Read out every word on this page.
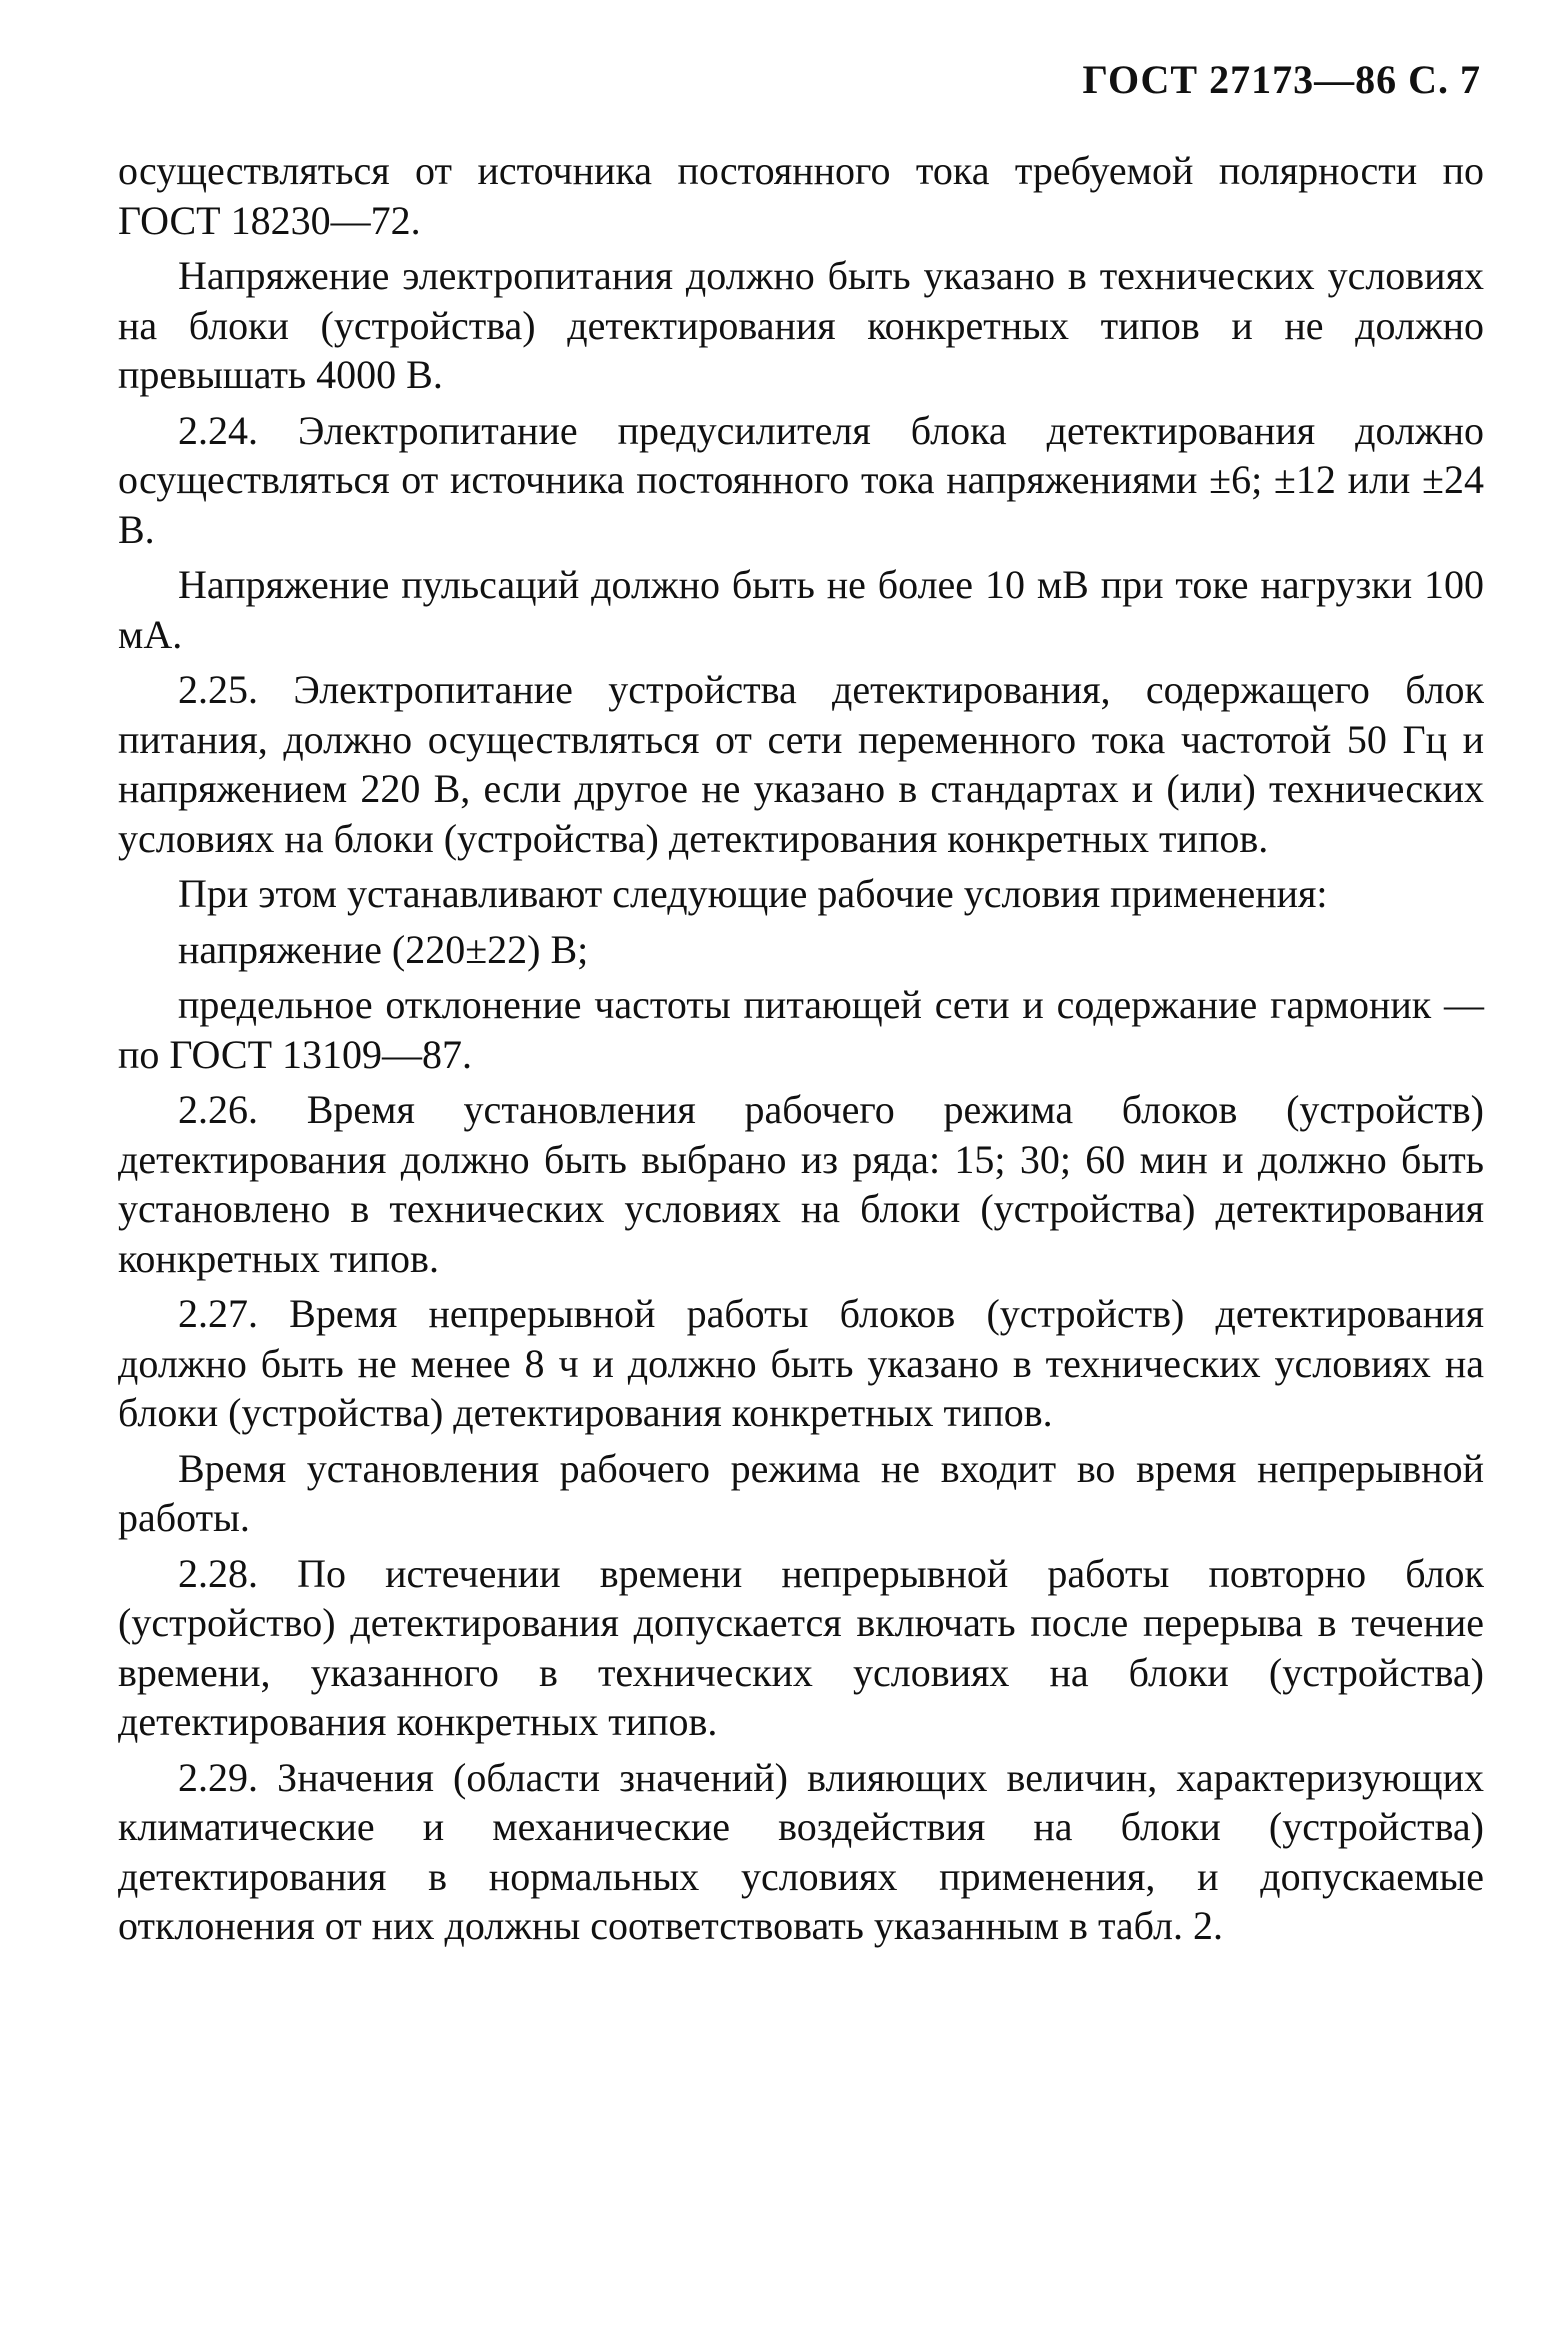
ГОСТ 27173—86 С. 7

осуществляться от источника постоянного тока требуемой полярности по ГОСТ 18230—72.

Напряжение электропитания должно быть указано в технических условиях на блоки (устройства) детектирования конкретных типов и не должно превышать 4000 В.

2.24. Электропитание предусилителя блока детектирования должно осуществляться от источника постоянного тока напряжениями ±6; ±12 или ±24 В.

Напряжение пульсаций должно быть не более 10 мВ при токе нагрузки 100 мА.

2.25. Электропитание устройства детектирования, содержащего блок питания, должно осуществляться от сети переменного тока частотой 50 Гц и напряжением 220 В, если другое не указано в стандартах и (или) технических условиях на блоки (устройства) детектирования конкретных типов.

При этом устанавливают следующие рабочие условия применения:

напряжение (220±22) В;

предельное отклонение частоты питающей сети и содержание гармоник — по ГОСТ 13109—87.

2.26. Время установления рабочего режима блоков (устройств) детектирования должно быть выбрано из ряда: 15; 30; 60 мин и должно быть установлено в технических условиях на блоки (устройства) детектирования конкретных типов.

2.27. Время непрерывной работы блоков (устройств) детектирования должно быть не менее 8 ч и должно быть указано в технических условиях на блоки (устройства) детектирования конкретных типов.

Время установления рабочего режима не входит во время непрерывной работы.

2.28. По истечении времени непрерывной работы повторно блок (устройство) детектирования допускается включать после перерыва в течение времени, указанного в технических условиях на блоки (устройства) детектирования конкретных типов.

2.29. Значения (области значений) влияющих величин, характеризующих климатические и механические воздействия на блоки (устройства) детектирования в нормальных условиях применения, и допускаемые отклонения от них должны соответствовать указанным в табл. 2.
